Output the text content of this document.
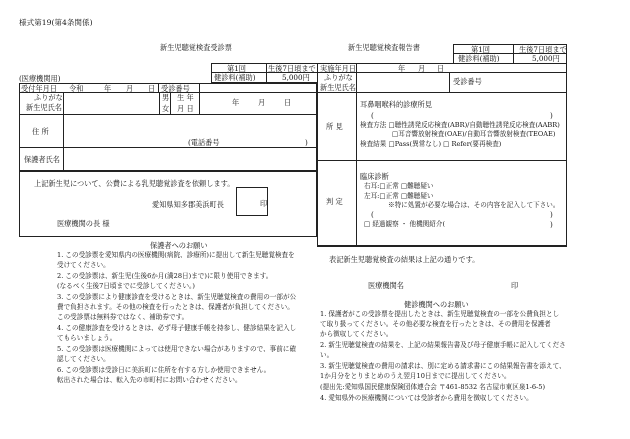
様式第19(第4条関係)
新生児聴覚検査受診票
第1回	生後7日頃まで
健診料(補助)	5,000円
(医療機関用)
受付年月日 令和	年 月 日 受診番号
ふりがな
新生児氏名
男
女
生 年
月 日
年	月	日
住 所
(電話番号	)
保護者氏名
上記新生児について、公費による乳児聴覚診査を依頼します。
愛知県知多郡美浜町長	印
医療機関の長 様
保護者へのお願い
1. この受診票を愛知県内の医療機関(病院、診療所)に提出して新生児聴覚検査を
受けてください。
2. この受診票は、新生児(生後6か月(満28日)まで)に限り使用できます。
(なるべく生後7日頃までに受診してください。)
3. この受診票により健康診査を受けるときは、新生児聴覚検査の費用の一部が公
費で負担されます。その他の検査を行ったときは、保護者が負担してください。
この受診票は無料券ではなく、補助券です。
4. この健康診査を受けるときは、必ず母子健康手帳を持参し、健診結果を記入し
てもらいましょう。
5. この受診票は医療機関によっては使用できない場合がありますので、事前に確
認してください。
6. この受診票は受診日に美浜町に住所を有する方しか使用できません。
転出された場合は、転入先の市町村にお問い合わせください。
新生児聴覚検査報告書	第1回	生後7日頃まで
健診料(補助)	5,000円
実施年月日	年 月 日
受診番号
ふりがな
新生児氏名
所 見
耳鼻咽喉科的診療所見
(	)
検査方法 □聴性誘発反応検査(ABR)/自動聴性誘発反応検査(AABR)
□耳音響放射検査(OAE)/自動耳音響放射検査(TEOAE)
検査結果 □Pass(異常なし) □ Refer(要再検査)
判 定
臨床診断
右耳:□正常 □難聴疑い
左耳:□正常 □難聴疑い
※特に処置が必要な場合は、その内容を記入して下さい。
(	)
□ 経過観察 ・ 他機関紹介(	)
表記新生児聴覚検査の結果は上記の通りです。
医療機関名	印
健診機関へのお願い
1. 保護者がこの受診票を提出したときは、新生児聴覚検査の一部を公費負担とし
て取り扱ってください。その他必要な検査を行ったときは、その費用を保護者
から徴収してください。
2. 新生児聴覚検査の結果を、上記の結果報告書及び母子健康手帳に記入してくださ
い。
3. 新生児聴覚検査の費用の請求は、別に定める請求書にこの結果報告書を添えて、
1か月分をとりまとめのうえ翌月10日までに提出してください。
(提出先:愛知県国民健康保険団体連合会 〒461-8532 名古屋市東区泉1-6-5)
4. 愛知県外の医療機関については受診者から費用を徴収してください。
